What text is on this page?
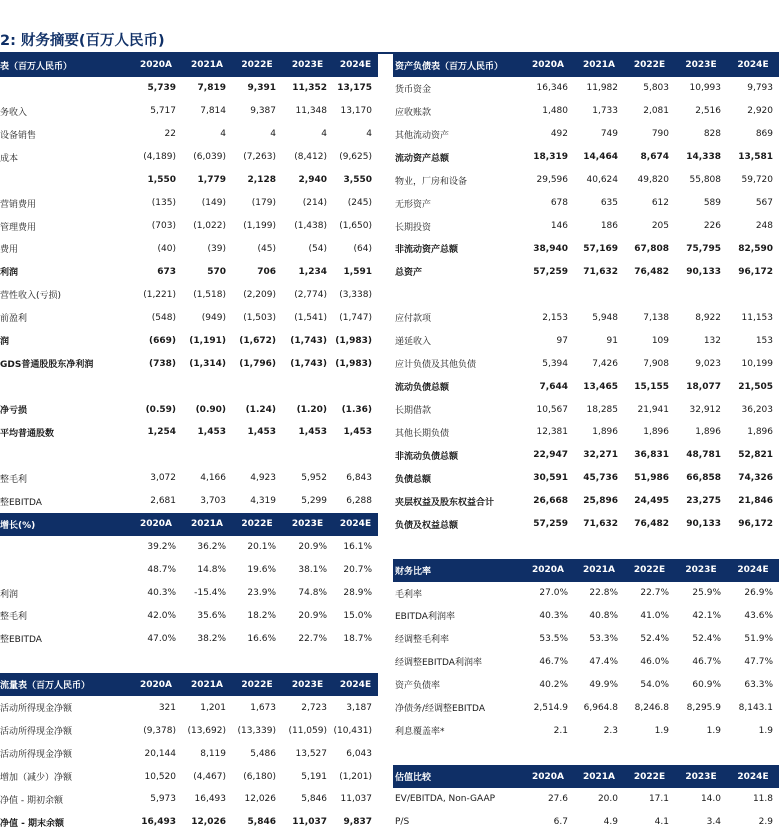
2: 财务摘要(百万人民币)
表（百万人民币）	2020A	2021A	2022E	2023E	2024E
	5,739	7,819	9,391	11,352	13,175
务收入	5,717	7,814	9,387	11,348	13,170
设备销售	22	4	4	4	4
成本	(4,189)	(6,039)	(7,263)	(8,412)	(9,625)
	1,550	1,779	2,128	2,940	3,550
营销费用	(135)	(149)	(179)	(214)	(245)
管理费用	(703)	(1,022)	(1,199)	(1,438)	(1,650)
费用	(40)	(39)	(45)	(54)	(64)
利润	673	570	706	1,234	1,591
营性收入(亏损)	(1,221)	(1,518)	(2,209)	(2,774)	(3,338)
前盈利	(548)	(949)	(1,503)	(1,541)	(1,747)
润	(669)	(1,191)	(1,672)	(1,743)	(1,983)
GDS普通股股东净利润	(738)	(1,314)	(1,796)	(1,743)	(1,983)

净亏损	(0.59)	(0.90)	(1.24)	(1.20)	(1.36)
平均普通股数	1,254	1,453	1,453	1,453	1,453

整毛利	3,072	4,166	4,923	5,952	6,843
整EBITDA	2,681	3,703	4,319	5,299	6,288
增长(%)	2020A	2021A	2022E	2023E	2024E
	39.2%	36.2%	20.1%	20.9%	16.1%
	48.7%	14.8%	19.6%	38.1%	20.7%
利润	40.3%	-15.4%	23.9%	74.8%	28.9%
整毛利	42.0%	35.6%	18.2%	20.9%	15.0%
整EBITDA	47.0%	38.2%	16.6%	22.7%	18.7%

流量表（百万人民币）	2020A	2021A	2022E	2023E	2024E
活动所得现金净额	321	1,201	1,673	2,723	3,187
活动所得现金净额	(9,378)	(13,692)	(13,339)	(11,059)	(10,431)
活动所得现金净额	20,144	8,119	5,486	13,527	6,043
增加（减少）净额	10,520	(4,467)	(6,180)	5,191	(1,201)
净值 - 期初余额	5,973	16,493	12,026	5,846	11,037
净值 - 期末余额	16,493	12,026	5,846	11,037	9,837
资产负债表（百万人民币）	2020A	2021A	2022E	2023E	2024E
货币资金	16,346	11,982	5,803	10,993	9,793
应收账款	1,480	1,733	2,081	2,516	2,920
其他流动资产	492	749	790	828	869
流动资产总额	18,319	14,464	8,674	14,338	13,581
物业，厂房和设备	29,596	40,624	49,820	55,808	59,720
无形资产	678	635	612	589	567
长期投资	146	186	205	226	248
非流动资产总额	38,940	57,169	67,808	75,795	82,590
总资产	57,259	71,632	76,482	90,133	96,172

应付款项	2,153	5,948	7,138	8,922	11,153
递延收入	97	91	109	132	153
应计负债及其他负债	5,394	7,426	7,908	9,023	10,199
流动负债总额	7,644	13,465	15,155	18,077	21,505
长期借款	10,567	18,285	21,941	32,912	36,203
其他长期负债	12,381	1,896	1,896	1,896	1,896
非流动负债总额	22,947	32,271	36,831	48,781	52,821
负债总额	30,591	45,736	51,986	66,858	74,326
夹层权益及股东权益合计	26,668	25,896	24,495	23,275	21,846
负债及权益总额	57,259	71,632	76,482	90,133	96,172

财务比率	2020A	2021A	2022E	2023E	2024E
毛利率	27.0%	22.8%	22.7%	25.9%	26.9%
EBITDA利润率	40.3%	40.8%	41.0%	42.1%	43.6%
经调整毛利率	53.5%	53.3%	52.4%	52.4%	51.9%
经调整EBITDA利润率	46.7%	47.4%	46.0%	46.7%	47.7%
资产负债率	40.2%	49.9%	54.0%	60.9%	63.3%
净债务/经调整EBITDA	2,514.9	6,964.8	8,246.8	8,295.9	8,143.1
利息覆盖率*	2.1	2.3	1.9	1.9	1.9

估值比较	2020A	2021A	2022E	2023E	2024E
EV/EBITDA, Non-GAAP	27.6	20.0	17.1	14.0	11.8
P/S	6.7	4.9	4.1	3.4	2.9
